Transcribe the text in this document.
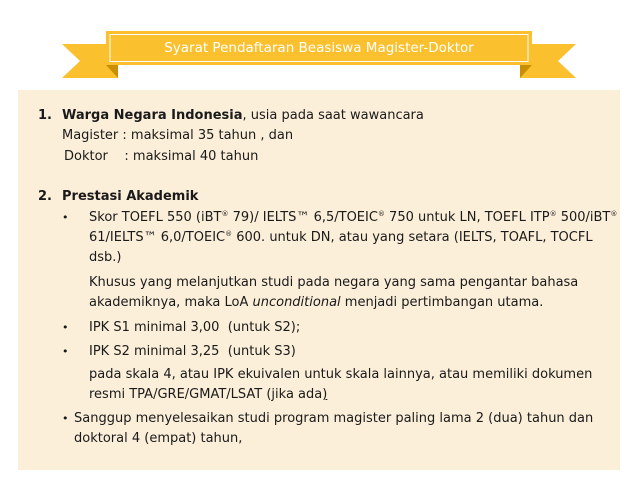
Syarat Pendaftaran Beasiswa Magister-Doktor
1. Warga Negara Indonesia, usia pada saat wawancara
Magister : maksimal 35 tahun , dan
Doktor    : maksimal 40 tahun
2. Prestasi Akademik
• Skor TOEFL 550 (iBT® 79)/ IELTS™ 6,5/TOEIC® 750 untuk LN, TOEFL ITP® 500/iBT®
61/IELTS™ 6,0/TOEIC® 600. untuk DN, atau yang setara (IELTS, TOAFL, TOCFL
dsb.)
Khusus yang melanjutkan studi pada negara yang sama pengantar bahasa
akademiknya, maka LoA unconditional menjadi pertimbangan utama.
• IPK S1 minimal 3,00  (untuk S2);
• IPK S2 minimal 3,25  (untuk S3)
pada skala 4, atau IPK ekuivalen untuk skala lainnya, atau memiliki dokumen
resmi TPA/GRE/GMAT/LSAT (jika ada)
• Sanggup menyelesaikan studi program magister paling lama 2 (dua) tahun dan
doktoral 4 (empat) tahun,
